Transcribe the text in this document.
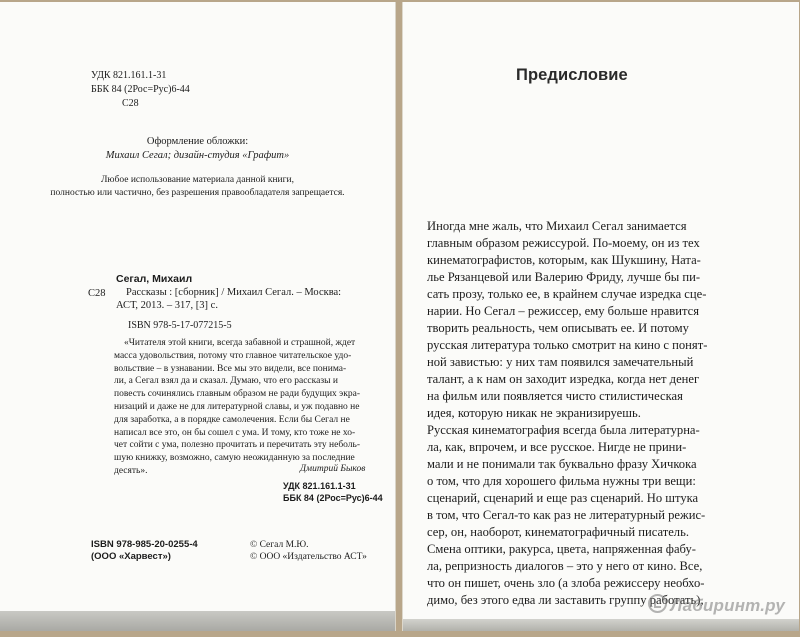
УДК 821.161.1-31
ББК 84 (2Рос=Рус)6-44
С28
Оформление обложки:
Михаил Сегал; дизайн-студия «Графит»
Любое использование материала данной книги,
полностью или частично, без разрешения правообладателя запрещается.
С28
Сегал, Михаил
Рассказы : [сборник] / Михаил Сегал. – Москва:
АСТ, 2013. – 317, [3] с.
ISBN 978-5-17-077215-5
«Читателя этой книги, всегда забавной и страшной, ждет
масса удовольствия, потому что главное читательское удо-
вольствие – в узнавании. Все мы это видели, все понима-
ли, а Сегал взял да и сказал. Думаю, что его рассказы и
повесть сочинялись главным образом не ради будущих экра-
низаций и даже не для литературной славы, и уж подавно не
для заработка, а в порядке самолечения. Если бы Сегал не
написал все это, он бы сошел с ума. И тому, кто тоже не хо-
чет сойти с ума, полезно прочитать и перечитать эту неболь-
шую книжку, возможно, самую неожиданную за последние
десять».	Дмитрий Быков
УДК 821.161.1-31
ББК 84 (2Рос=Рус)6-44
ISBN 978-985-20-0255-4
(ООО «Харвест»)
© Сегал М.Ю.
© ООО «Издательство АСТ»
Предисловие
Иногда мне жаль, что Михаил Сегал занимается
главным образом режиссурой. По-моему, он из тех
кинематографистов, которым, как Шукшину, Ната-
лье Рязанцевой или Валерию Фриду, лучше бы пи-
сать прозу, только ее, в крайнем случае изредка сце-
нарии. Но Сегал – режиссер, ему больше нравится
творить реальность, чем описывать ее. И потому
русская литература только смотрит на кино с понят-
ной завистью: у них там появился замечательный
талант, а к нам он заходит изредка, когда нет денег
на фильм или появляется чисто стилистическая
идея, которую никак не экранизируешь.
Русская кинематография всегда была литературна-
ла, как, впрочем, и все русское. Нигде не прини-
мали и не понимали так буквально фразу Хичкока
о том, что для хорошего фильма нужны три вещи:
сценарий, сценарий и еще раз сценарий. Но штука
в том, что Сегал-то как раз не литературный режис-
сер, он, наоборот, кинематографичный писатель.
Смена оптики, ракурса, цвета, напряженная фабу-
ла, репризность диалогов – это у него от кино. Все,
что он пишет, очень зло (а злоба режиссеру необхо-
димо, без этого едва ли заставить группу работать),
Лабиринт.ру
